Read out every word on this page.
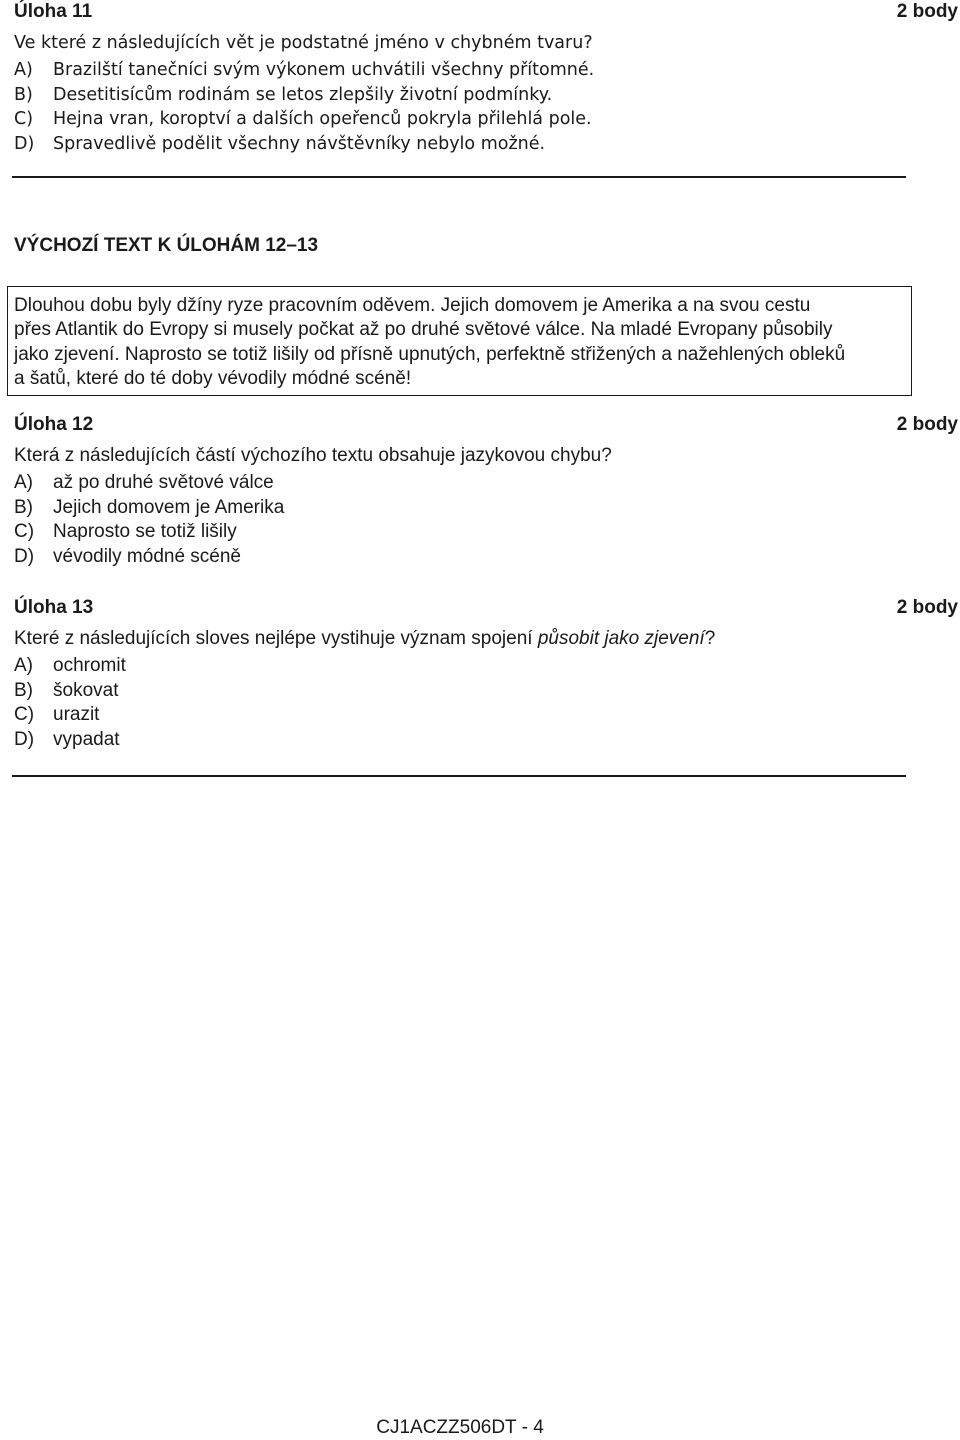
Úloha 11	2 body
Ve které z následujících vět je podstatné jméno v chybném tvaru?
A) Brazilští tanečníci svým výkonem uchvátili všechny přítomné.
B) Desetitisícům rodinám se letos zlepšily životní podmínky.
C) Hejna vran, koroptví a dalších opeřenců pokryla přilehlá pole.
D) Spravedlivě podělit všechny návštěvníky nebylo možné.
VÝCHOZÍ TEXT K ÚLOHÁM 12–13
Dlouhou dobu byly džíny ryze pracovním oděvem. Jejich domovem je Amerika a na svou cestu
přes Atlantik do Evropy si musely počkat až po druhé světové válce. Na mladé Evropany působily
jako zjevení. Naprosto se totiž lišily od přísně upnutých, perfektně střižených a nažehlených obleků
a šatů, které do té doby vévodily módné scéně!
Úloha 12	2 body
Která z následujících částí výchozího textu obsahuje jazykovou chybu?
A) až po druhé světové válce
B) Jejich domovem je Amerika
C) Naprosto se totiž lišily
D) vévodily módné scéně
Úloha 13	2 body
Které z následujících sloves nejlépe vystihuje význam spojení působit jako zjevení?
A) ochromit
B) šokovat
C) urazit
D) vypadat
CJ1ACZZ506DT - 4
